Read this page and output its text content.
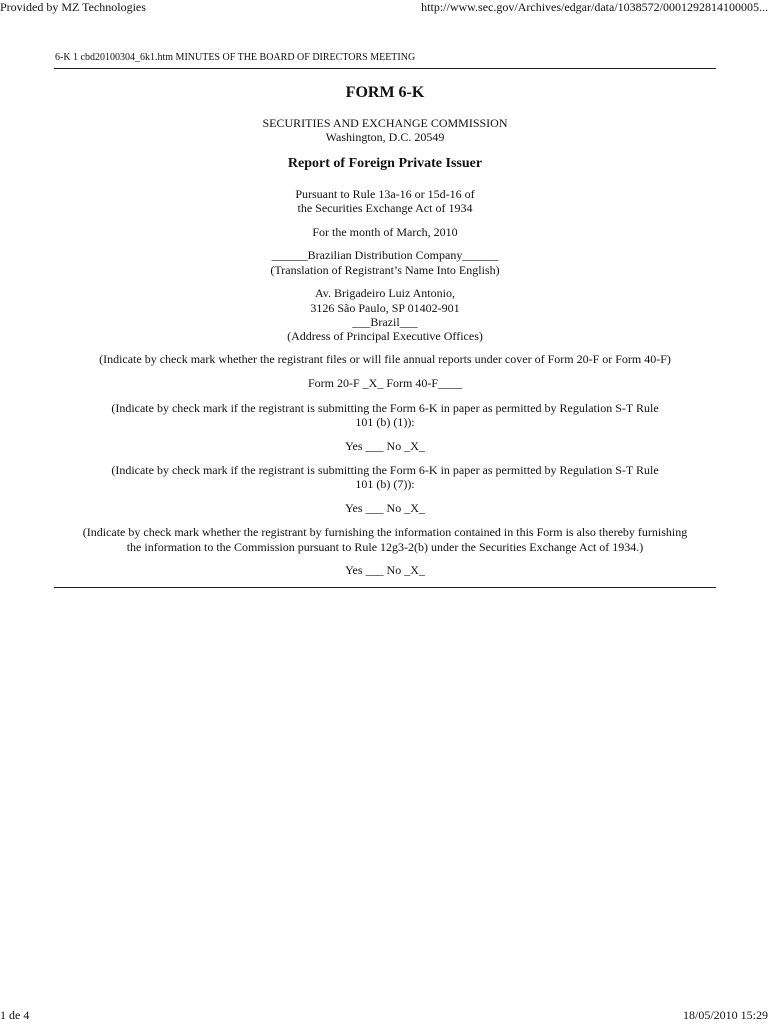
Provided by MZ Technologies	http://www.sec.gov/Archives/edgar/data/1038572/0001292814100005...
6-K 1 cbd20100304_6k1.htm MINUTES OF THE BOARD OF DIRECTORS MEETING
FORM 6-K
SECURITIES AND EXCHANGE COMMISSION
Washington, D.C. 20549
Report of Foreign Private Issuer
Pursuant to Rule 13a-16 or 15d-16 of
the Securities Exchange Act of 1934
For the month of March, 2010
______Brazilian Distribution Company______
(Translation of Registrant’s Name Into English)
Av. Brigadeiro Luiz Antonio,
3126 São Paulo, SP 01402-901
___Brazil___
(Address of Principal Executive Offices)
(Indicate by check mark whether the registrant files or will file annual reports under cover of Form 20-F or Form 40-F)
Form 20-F _X_ Form 40-F____
(Indicate by check mark if the registrant is submitting the Form 6-K in paper as permitted by Regulation S-T Rule
101 (b) (1)):
Yes ___ No _X_
(Indicate by check mark if the registrant is submitting the Form 6-K in paper as permitted by Regulation S-T Rule
101 (b) (7)):
Yes ___ No _X_
(Indicate by check mark whether the registrant by furnishing the information contained in this Form is also thereby furnishing
the information to the Commission pursuant to Rule 12g3-2(b) under the Securities Exchange Act of 1934.)
Yes ___ No _X_
1 de 4	18/05/2010 15:29
